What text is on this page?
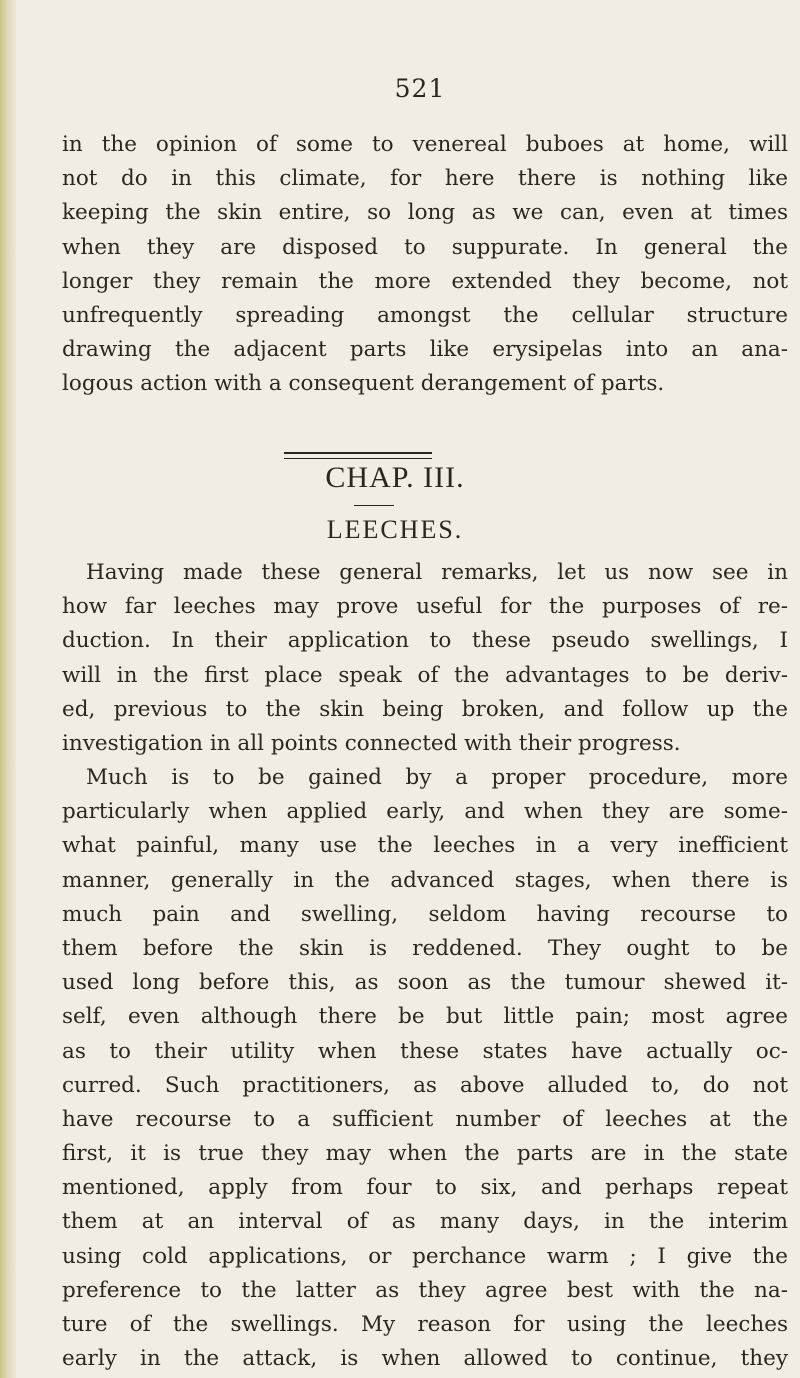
521
in the opinion of some to venereal buboes at home, will
not do in this climate, for here there is nothing like
keeping the skin entire, so long as we can, even at times
when they are disposed to suppurate. In general the
longer they remain the more extended they become, not
unfrequently spreading amongst the cellular structure
drawing the adjacent parts like erysipelas into an ana-
logous action with a consequent derangement of parts.
CHAP. III.
LEECHES.
Having made these general remarks, let us now see in
how far leeches may prove useful for the purposes of re-
duction. In their application to these pseudo swellings, I
will in the first place speak of the advantages to be deriv-
ed, previous to the skin being broken, and follow up the
investigation in all points connected with their progress.
Much is to be gained by a proper procedure, more
particularly when applied early, and when they are some-
what painful, many use the leeches in a very inefficient
manner, generally in the advanced stages, when there is
much pain and swelling, seldom having recourse to
them before the skin is reddened. They ought to be
used long before this, as soon as the tumour shewed it-
self, even although there be but little pain; most agree
as to their utility when these states have actually oc-
curred. Such practitioners, as above alluded to, do not
have recourse to a sufficient number of leeches at the
first, it is true they may when the parts are in the state
mentioned, apply from four to six, and perhaps repeat
them at an interval of as many days, in the interim
using cold applications, or perchance warm ; I give the
preference to the latter as they agree best with the na-
ture of the swellings. My reason for using the leeches
early in the attack, is when allowed to continue, they
